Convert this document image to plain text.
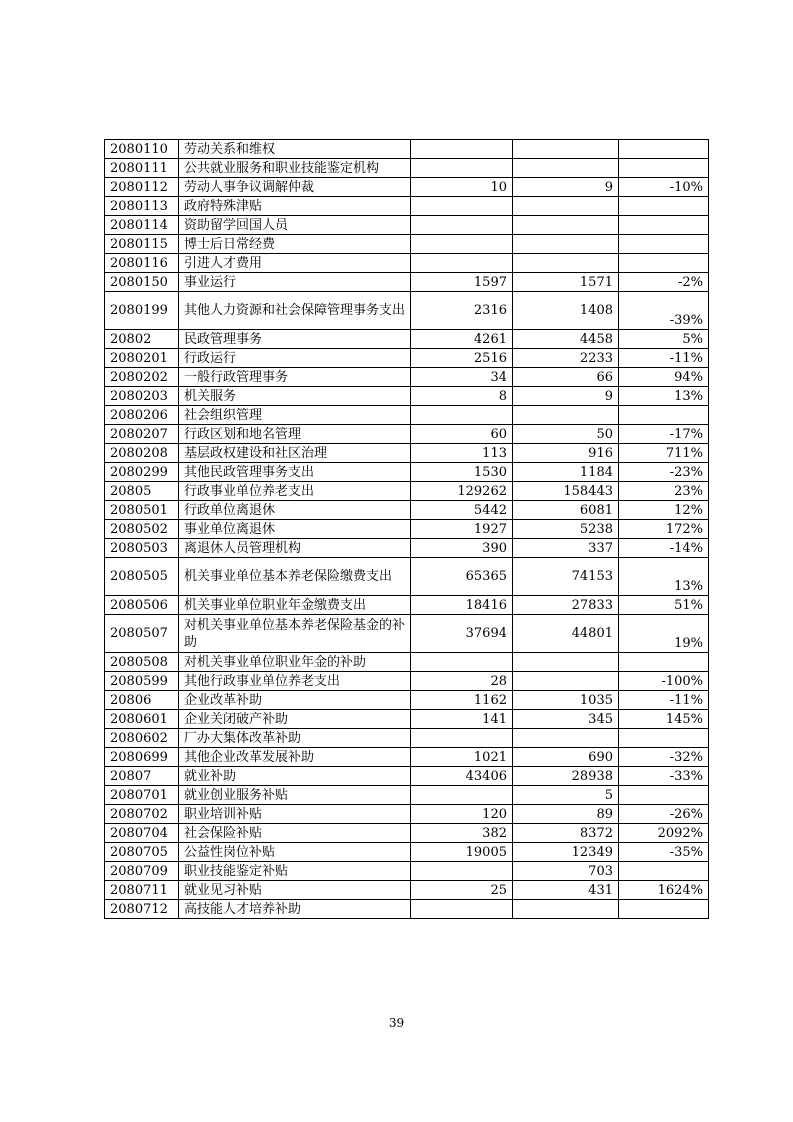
2080110	劳动关系和维权			
2080111	公共就业服务和职业技能鉴定机构			
2080112	劳动人事争议调解仲裁	10	9	-10%
2080113	政府特殊津贴			
2080114	资助留学回国人员			
2080115	博士后日常经费			
2080116	引进人才费用			
2080150	事业运行	1597	1571	-2%
2080199	其他人力资源和社会保障管理事务支出	2316	1408	-39%
20802	民政管理事务	4261	4458	5%
2080201	行政运行	2516	2233	-11%
2080202	一般行政管理事务	34	66	94%
2080203	机关服务	8	9	13%
2080206	社会组织管理			
2080207	行政区划和地名管理	60	50	-17%
2080208	基层政权建设和社区治理	113	916	711%
2080299	其他民政管理事务支出	1530	1184	-23%
20805	行政事业单位养老支出	129262	158443	23%
2080501	行政单位离退休	5442	6081	12%
2080502	事业单位离退休	1927	5238	172%
2080503	离退休人员管理机构	390	337	-14%
2080505	机关事业单位基本养老保险缴费支出	65365	74153	13%
2080506	机关事业单位职业年金缴费支出	18416	27833	51%
2080507	对机关事业单位基本养老保险基金的补助	37694	44801	19%
2080508	对机关事业单位职业年金的补助			
2080599	其他行政事业单位养老支出	28		-100%
20806	企业改革补助	1162	1035	-11%
2080601	企业关闭破产补助	141	345	145%
2080602	厂办大集体改革补助			
2080699	其他企业改革发展补助	1021	690	-32%
20807	就业补助	43406	28938	-33%
2080701	就业创业服务补贴		5	
2080702	职业培训补贴	120	89	-26%
2080704	社会保险补贴	382	8372	2092%
2080705	公益性岗位补贴	19005	12349	-35%
2080709	职业技能鉴定补贴		703	
2080711	就业见习补贴	25	431	1624%
2080712	高技能人才培养补助			
39
